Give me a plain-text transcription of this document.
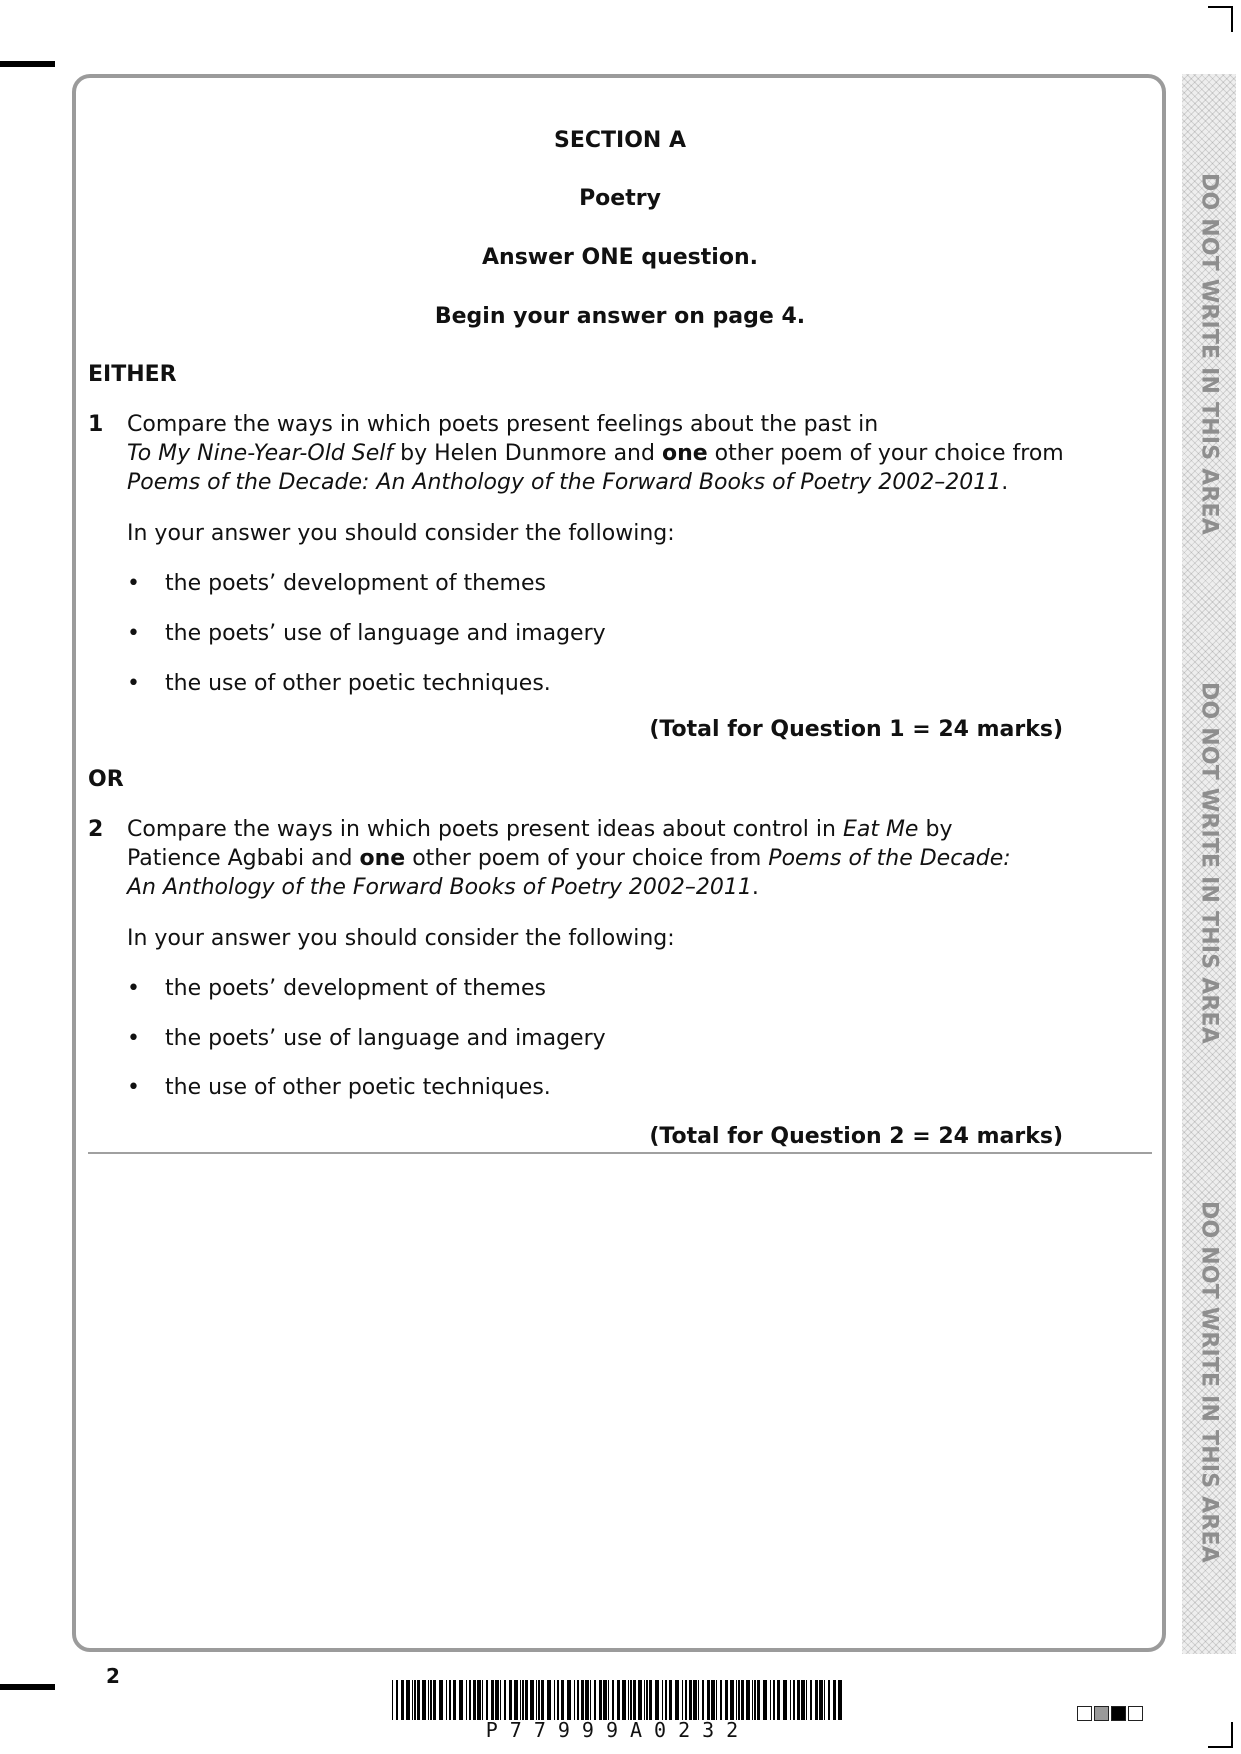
DO NOT WRITE IN THIS AREA
DO NOT WRITE IN THIS AREA
DO NOT WRITE IN THIS AREA
SECTION A
Poetry
Answer ONE question.
Begin your answer on page 4.
EITHER
1 Compare the ways in which poets present feelings about the past in
To My Nine-Year-Old Self by Helen Dunmore and one other poem of your choice from
Poems of the Decade: An Anthology of the Forward Books of Poetry 2002–2011.
In your answer you should consider the following:
• the poets’ development of themes
• the poets’ use of language and imagery
• the use of other poetic techniques.
(Total for Question 1 = 24 marks)
OR
2 Compare the ways in which poets present ideas about control in Eat Me by
Patience Agbabi and one other poem of your choice from Poems of the Decade:
An Anthology of the Forward Books of Poetry 2002–2011.
In your answer you should consider the following:
• the poets’ development of themes
• the poets’ use of language and imagery
• the use of other poetic techniques.
(Total for Question 2 = 24 marks)
2
P77999A0232
